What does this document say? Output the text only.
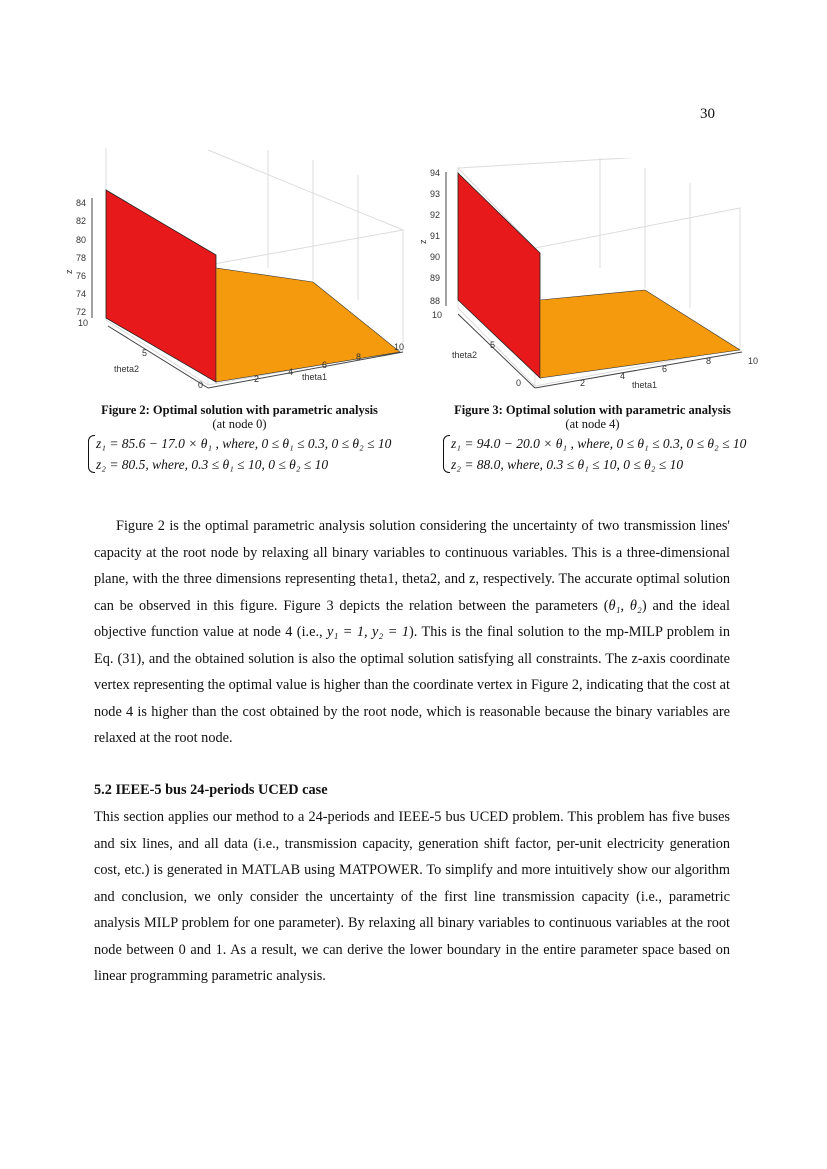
30
84
82
80
78
76
74
72
z
10
5
0
theta2
2
4
6
8
10
theta1
94
93
92
91
90
89
88
z
10
5
0
theta2
2
4
6
8	10
theta1
Figure 2: Optimal solution with parametric analysis
(at node 0)
Figure 3: Optimal solution with parametric analysis
(at node 4)
z₁ = 85.6 − 17.0 × θ₁ , where, 0 ≤ θ₁ ≤ 0.3, 0 ≤ θ₂ ≤ 10
z₂ = 80.5, where, 0.3 ≤ θ₁ ≤ 10, 0 ≤ θ₂ ≤ 10
z₁ = 94.0 − 20.0 × θ₁ , where, 0 ≤ θ₁ ≤ 0.3, 0 ≤ θ₂ ≤ 10
z₂ = 88.0, where, 0.3 ≤ θ₁ ≤ 10, 0 ≤ θ₂ ≤ 10
Figure 2 is the optimal parametric analysis solution considering the uncertainty of two transmission lines' capacity at the root node by relaxing all binary variables to continuous variables. This is a three-dimensional plane, with the three dimensions representing theta1, theta2, and z, respectively. The accurate optimal solution can be observed in this figure. Figure 3 depicts the relation between the parameters (θ₁, θ₂) and the ideal objective function value at node 4 (i.e., y₁ = 1, y₂ = 1). This is the final solution to the mp-MILP problem in Eq. (31), and the obtained solution is also the optimal solution satisfying all constraints. The z-axis coordinate vertex representing the optimal value is higher than the coordinate vertex in Figure 2, indicating that the cost at node 4 is higher than the cost obtained by the root node, which is reasonable because the binary variables are relaxed at the root node.
5.2 IEEE-5 bus 24-periods UCED case
This section applies our method to a 24-periods and IEEE-5 bus UCED problem. This problem has five buses and six lines, and all data (i.e., transmission capacity, generation shift factor, per-unit electricity generation cost, etc.) is generated in MATLAB using MATPOWER. To simplify and more intuitively show our algorithm and conclusion, we only consider the uncertainty of the first line transmission capacity (i.e., parametric analysis MILP problem for one parameter). By relaxing all binary variables to continuous variables at the root node between 0 and 1. As a result, we can derive the lower boundary in the entire parameter space based on linear programming parametric analysis.
